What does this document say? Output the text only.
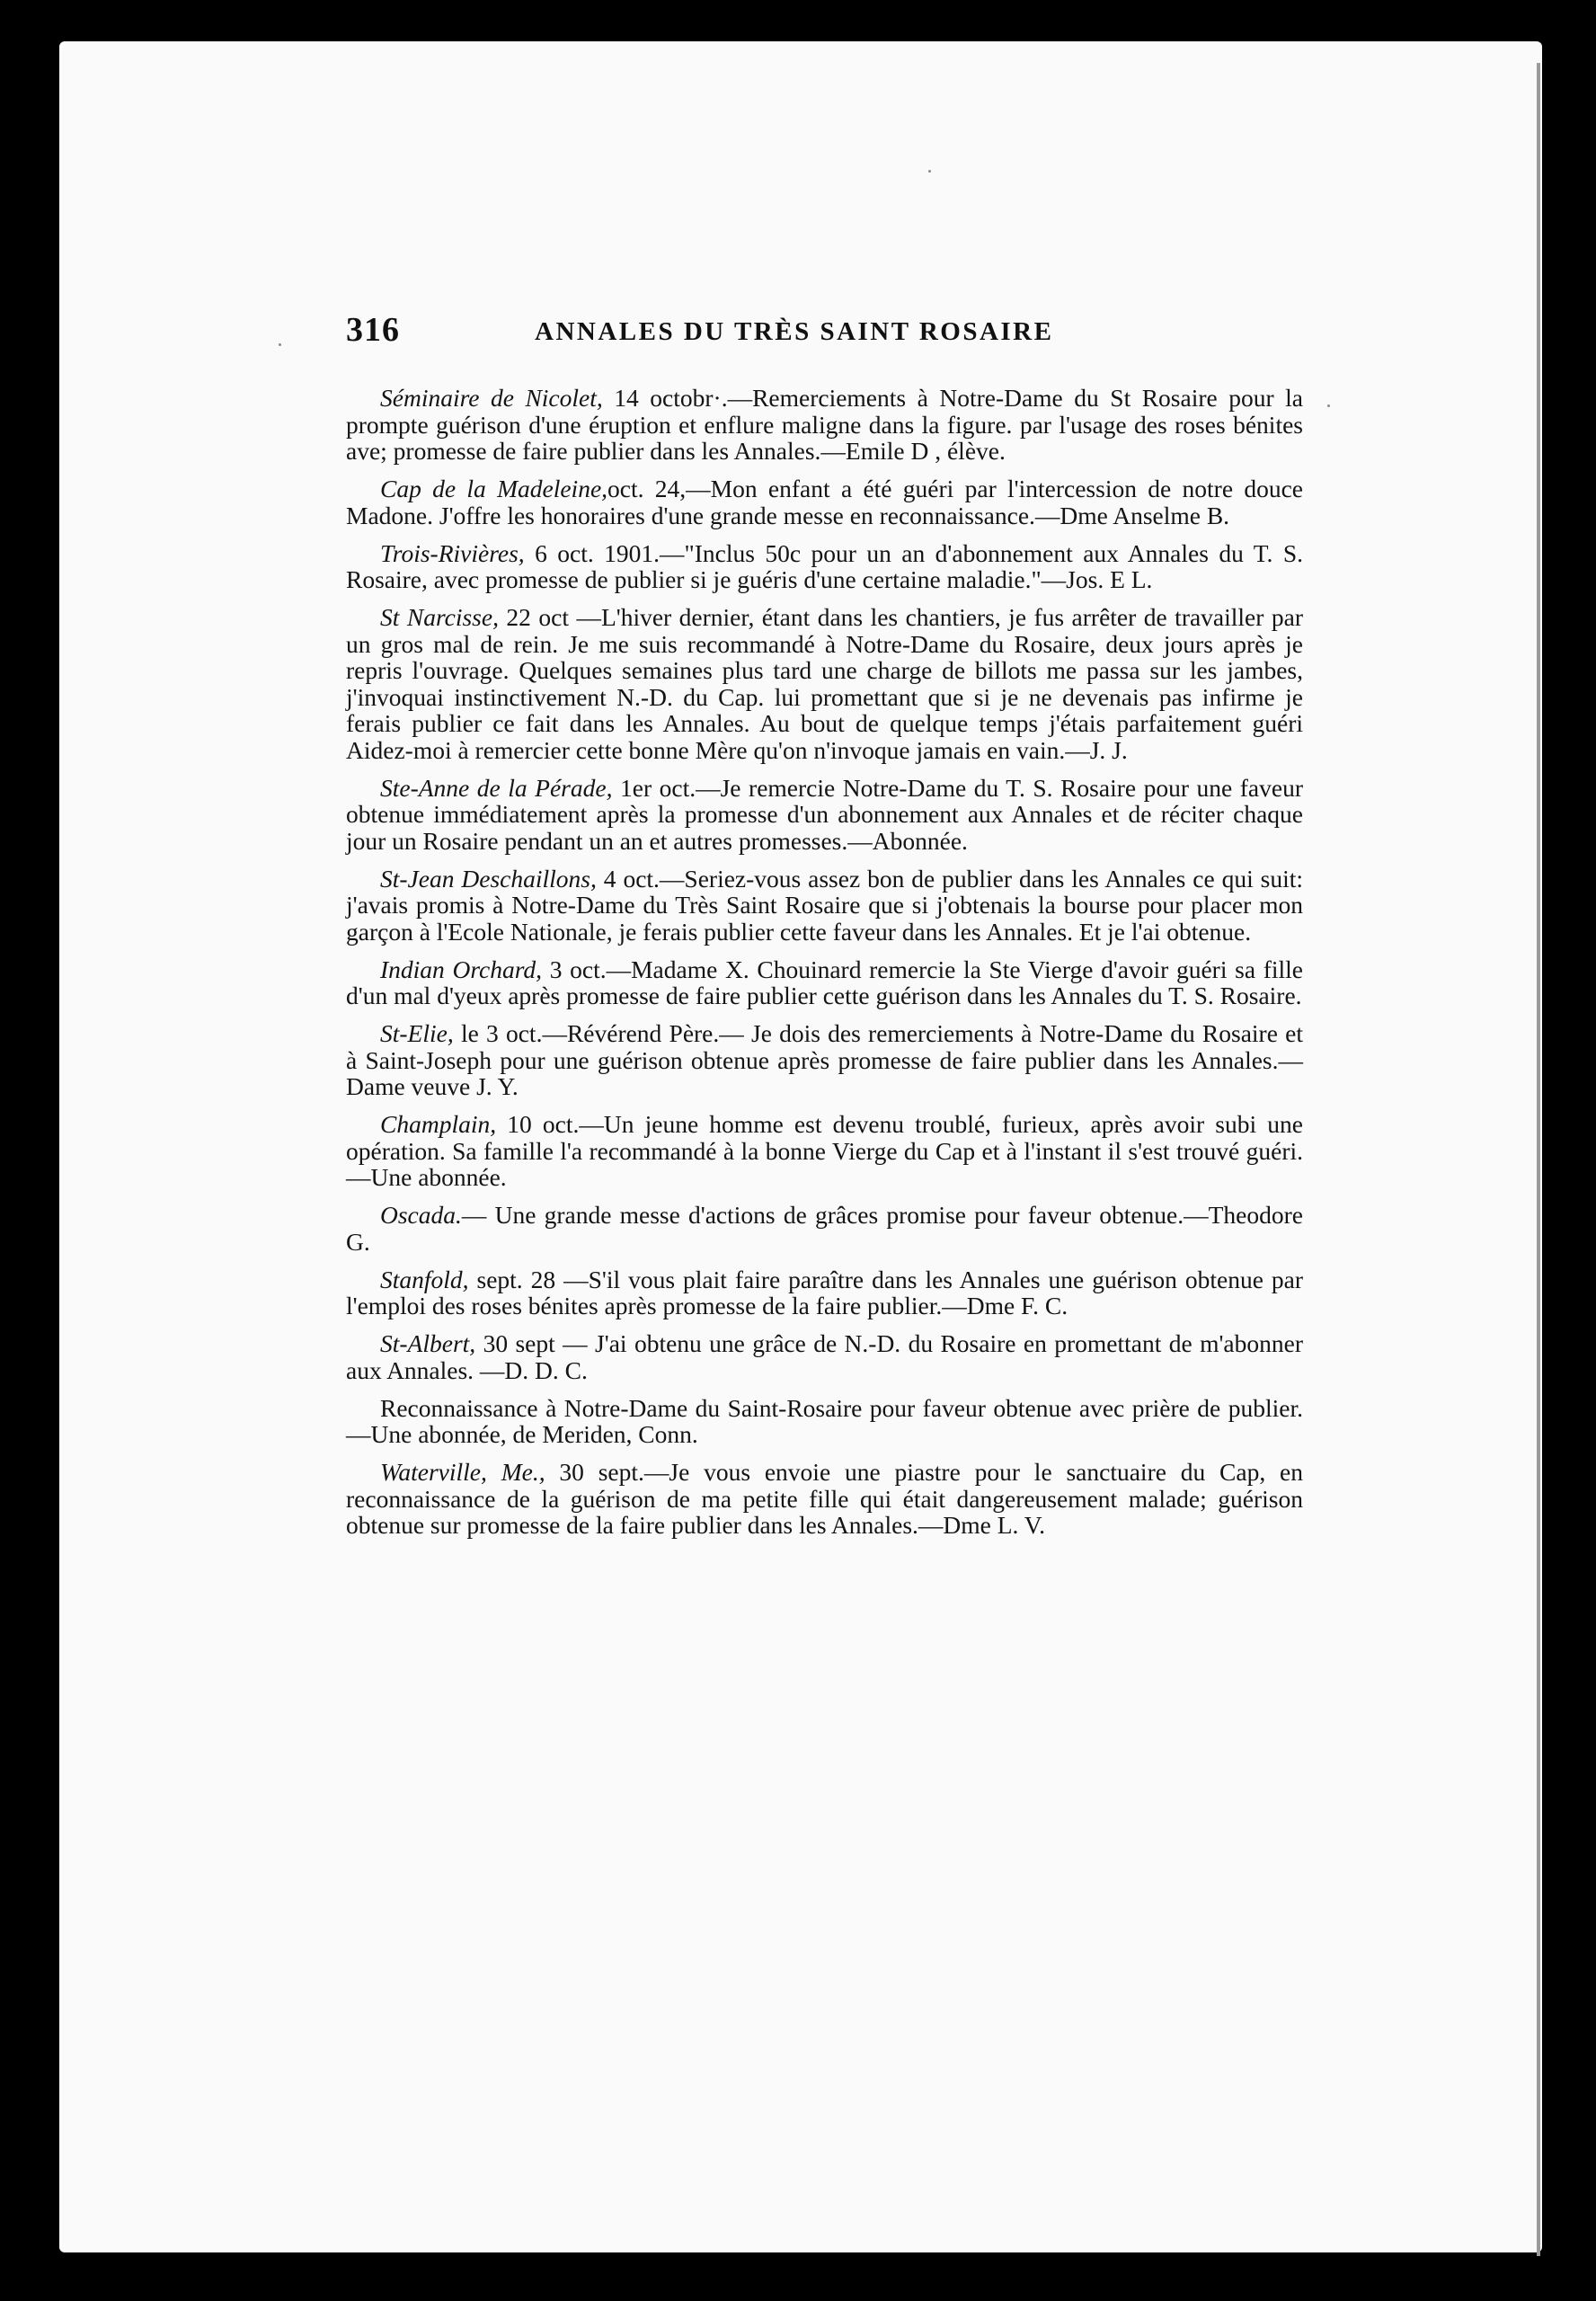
316	ANNALES DU TRÈS SAINT ROSAIRE

Séminaire de Nicolet, 14 octobr·.—Remerciements à Notre-Dame du St Rosaire pour la prompte guérison d'une éruption et enflure maligne dans la figure. par l'usage des roses bénites ave; promesse de faire publier dans les Annales.—Emile D , élève.

Cap de la Madeleine,oct. 24,—Mon enfant a été guéri par l'intercession de notre douce Madone. J'offre les honoraires d'une grande messe en reconnaissance.—Dme Anselme B.

Trois-Rivières, 6 oct. 1901.—"Inclus 50c pour un an d'abonnement aux Annales du T. S. Rosaire, avec promesse de publier si je guéris d'une certaine maladie."—Jos. E L.

St Narcisse, 22 oct —L'hiver dernier, étant dans les chantiers, je fus arrêter de travailler par un gros mal de rein. Je me suis recommandé à Notre-Dame du Rosaire, deux jours après je repris l'ouvrage. Quelques semaines plus tard une charge de billots me passa sur les jambes, j'invoquai instinctivement N.-D. du Cap. lui promettant que si je ne devenais pas infirme je ferais publier ce fait dans les Annales. Au bout de quelque temps j'étais parfaitement guéri Aidez-moi à remercier cette bonne Mère qu'on n'invoque jamais en vain.—J. J.

Ste-Anne de la Pérade, 1er oct.—Je remercie Notre-Dame du T. S. Rosaire pour une faveur obtenue immédiatement après la promesse d'un abonnement aux Annales et de réciter chaque jour un Rosaire pendant un an et autres promesses.—Abonnée.

St-Jean Deschaillons, 4 oct.—Seriez-vous assez bon de publier dans les Annales ce qui suit: j'avais promis à Notre-Dame du Très Saint Rosaire que si j'obtenais la bourse pour placer mon garçon à l'Ecole Nationale, je ferais publier cette faveur dans les Annales. Et je l'ai obtenue.

Indian Orchard, 3 oct.—Madame X. Chouinard remercie la Ste Vierge d'avoir guéri sa fille d'un mal d'yeux après promesse de faire publier cette guérison dans les Annales du T. S. Rosaire.

St-Elie, le 3 oct.—Révérend Père.— Je dois des remerciements à Notre-Dame du Rosaire et à Saint-Joseph pour une guérison obtenue après promesse de faire publier dans les Annales.—Dame veuve J. Y.

Champlain, 10 oct.—Un jeune homme est devenu troublé, furieux, après avoir subi une opération. Sa famille l'a recommandé à la bonne Vierge du Cap et à l'instant il s'est trouvé guéri.—Une abonnée.

Oscada.— Une grande messe d'actions de grâces promise pour faveur obtenue.—Theodore G.

Stanfold, sept. 28 —S'il vous plait faire paraître dans les Annales une guérison obtenue par l'emploi des roses bénites après promesse de la faire publier.—Dme F. C.

St-Albert, 30 sept — J'ai obtenu une grâce de N.-D. du Rosaire en promettant de m'abonner aux Annales. —D. D. C.

Reconnaissance à Notre-Dame du Saint-Rosaire pour faveur obtenue avec prière de publier.—Une abonnée, de Meriden, Conn.

Waterville, Me., 30 sept.—Je vous envoie une piastre pour le sanctuaire du Cap, en reconnaissance de la guérison de ma petite fille qui était dangereusement malade; guérison obtenue sur promesse de la faire publier dans les Annales.—Dme L. V.
